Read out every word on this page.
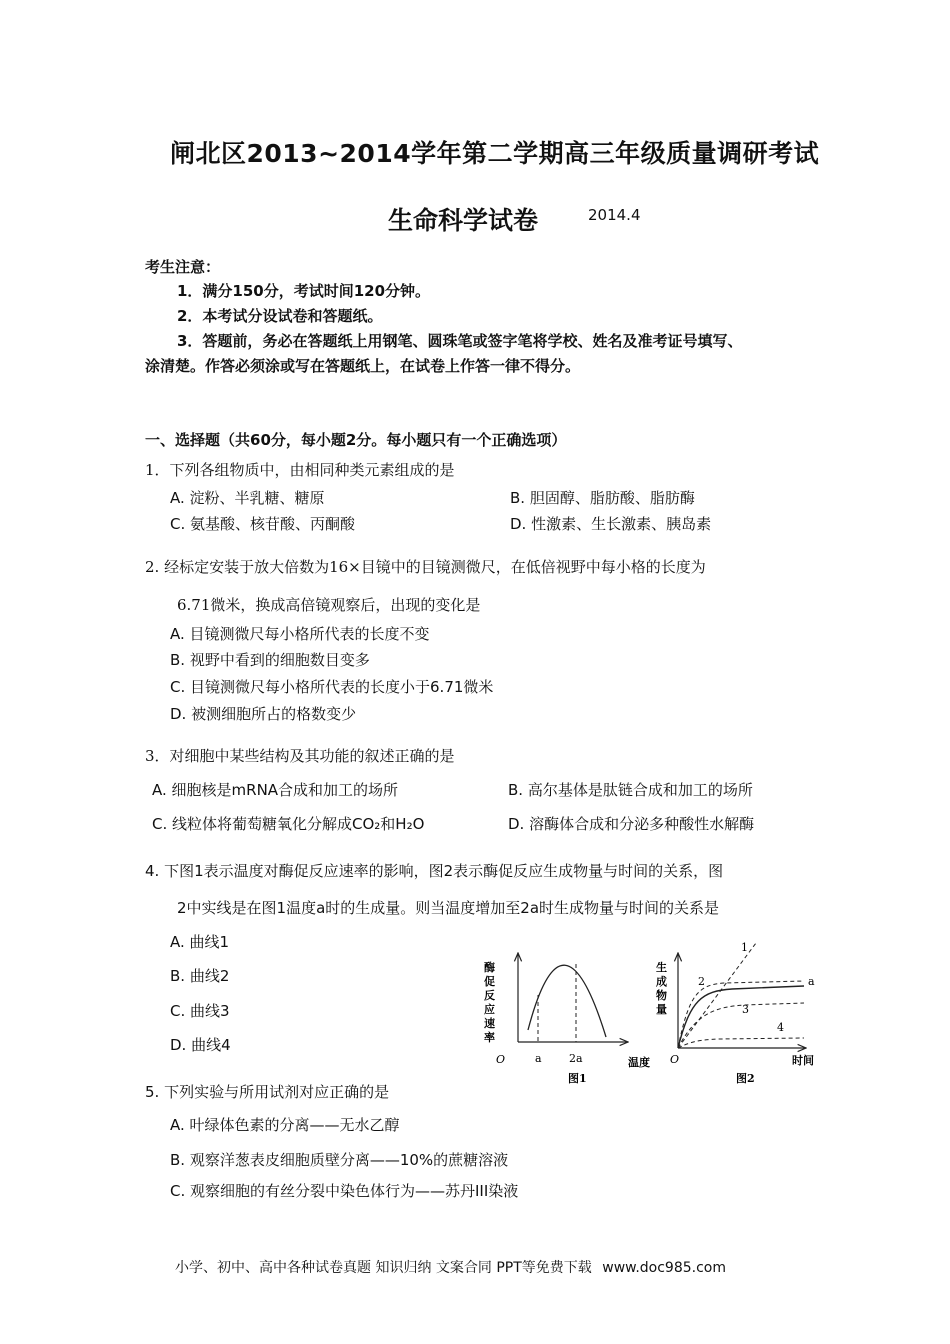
闸北区2013~2014学年第二学期高三年级质量调研考试
生命科学试卷	2014.4
考生注意：
1．满分150分，考试时间120分钟。
2．本考试分设试卷和答题纸。
3．答题前，务必在答题纸上用钢笔、圆珠笔或签字笔将学校、姓名及准考证号填写、
涂清楚。作答必须涂或写在答题纸上，在试卷上作答一律不得分。
一、选择题（共60分，每小题2分。每小题只有一个正确选项）
1．下列各组物质中，由相同种类元素组成的是
A. 淀粉、半乳糖、糖原	B. 胆固醇、脂肪酸、脂肪酶
C. 氨基酸、核苷酸、丙酮酸	D. 性激素、生长激素、胰岛素
2. 经标定安装于放大倍数为16×目镜中的目镜测微尺，在低倍视野中每小格的长度为
6.71微米，换成高倍镜观察后，出现的变化是
A. 目镜测微尺每小格所代表的长度不变
B. 视野中看到的细胞数目变多
C. 目镜测微尺每小格所代表的长度小于6.71微米
D. 被测细胞所占的格数变少
3．对细胞中某些结构及其功能的叙述正确的是
A. 细胞核是mRNA合成和加工的场所	B. 高尔基体是肽链合成和加工的场所
C. 线粒体将葡萄糖氧化分解成CO₂和H₂O	D. 溶酶体合成和分泌多种酸性水解酶
4. 下图1表示温度对酶促反应速率的影响，图2表示酶促反应生成物量与时间的关系，图
2中实线是在图1温度a时的生成量。则当温度增加至2a时生成物量与时间的关系是
A. 曲线1
B. 曲线2
C. 曲线3
D. 曲线4
酶
促
反
应
速
率
O	a 2a	温度
图1
生
成
物
量
1
2
3
4
a
O	时间
图2
5. 下列实验与所用试剂对应正确的是
A. 叶绿体色素的分离——无水乙醇
B. 观察洋葱表皮细胞质壁分离——10%的蔗糖溶液
C. 观察细胞的有丝分裂中染色体行为——苏丹III染液
小学、初中、高中各种试卷真题 知识归纳 文案合同 PPT等免费下载 www.doc985.com
